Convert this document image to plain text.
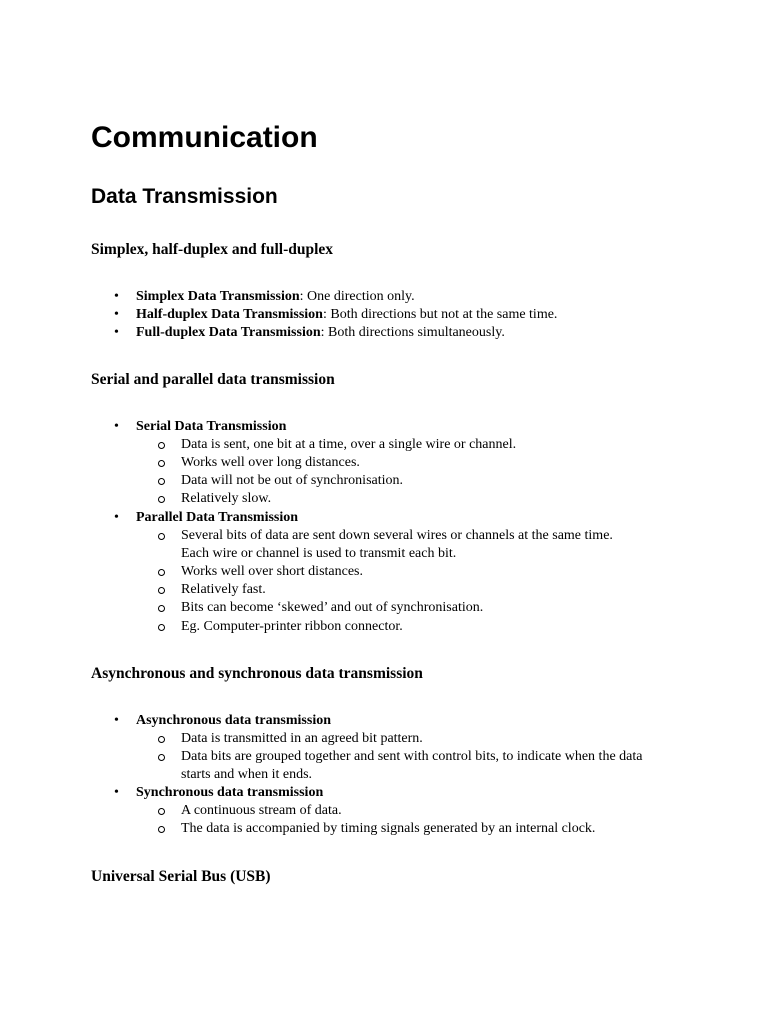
Communication
Data Transmission
Simplex, half-duplex and full-duplex
• Simplex Data Transmission: One direction only.
• Half-duplex Data Transmission: Both directions but not at the same time.
• Full-duplex Data Transmission: Both directions simultaneously.
Serial and parallel data transmission
• Serial Data Transmission
Data is sent, one bit at a time, over a single wire or channel.
Works well over long distances.
Data will not be out of synchronisation.
Relatively slow.
• Parallel Data Transmission
Several bits of data are sent down several wires or channels at the same time.
Each wire or channel is used to transmit each bit.
Works well over short distances.
Relatively fast.
Bits can become ‘skewed’ and out of synchronisation.
Eg. Computer-printer ribbon connector.
Asynchronous and synchronous data transmission
• Asynchronous data transmission
Data is transmitted in an agreed bit pattern.
Data bits are grouped together and sent with control bits, to indicate when the data
starts and when it ends.
• Synchronous data transmission
A continuous stream of data.
The data is accompanied by timing signals generated by an internal clock.
Universal Serial Bus (USB)
